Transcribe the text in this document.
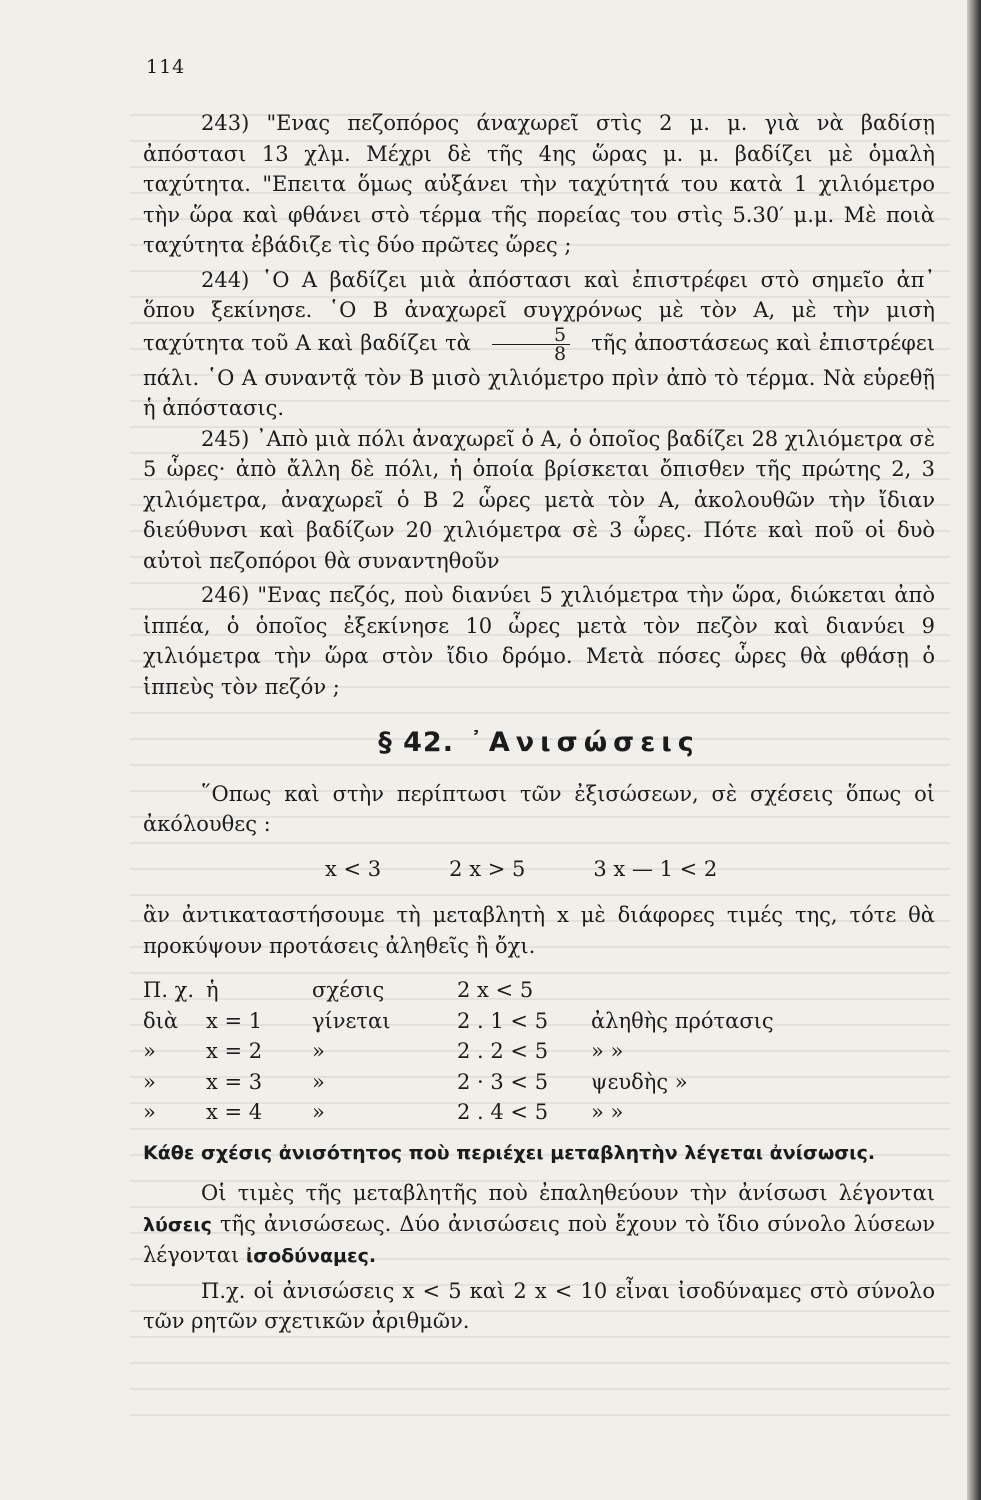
114

243) "Ενας πεζοπόρος άναχωρεῖ στὶς 2 μ. μ. γιὰ νὰ βαδίσῃ ἀπόστασι 13 χλμ. Μέχρι δὲ τῆς 4ης ὥρας μ. μ. βαδίζει μὲ ὁμαλὴ ταχύτητα. "Επειτα ὅμως αὐξάνει τὴν ταχύτητά του κατὰ 1 χιλιόμετρο τὴν ὥρα καὶ φθάνει στὸ τέρμα τῆς πορείας του στὶς 5.30′ μ.μ. Μὲ ποιὰ ταχύτητα ἐβάδιζε τὶς δύο πρῶτες ὥρες ;

244) ῾Ο Α βαδίζει μιὰ ἀπόστασι καὶ ἐπιστρέφει στὸ σημεῖο ἀπ᾽ ὅπου ξεκίνησε. ῾Ο Β ἀναχωρεῖ συγχρόνως μὲ τὸν Α, μὲ τὴν μισὴ ταχύτητα τοῦ Α καὶ βαδίζει τὰ $\frac{5}{8}$ τῆς ἀποστάσεως καὶ ἐπιστρέφει πάλι. ῾Ο Α συναντᾷ τὸν Β μισὸ χιλιόμετρο πρὶν ἀπὸ τὸ τέρμα. Νὰ εὑρεθῇ ἡ ἀπόστασις.

245) ᾿Απὸ μιὰ πόλι ἀναχωρεῖ ὁ Α, ὁ ὁποῖος βαδίζει 28 χιλιόμετρα σὲ 5 ὧρες· ἀπὸ ἄλλη δὲ πόλι, ἡ ὁποία βρίσκεται ὄπισθεν τῆς πρώτης 2, 3 χιλιόμετρα, ἀναχωρεῖ ὁ Β 2 ὧρες μετὰ τὸν Α, ἀκολουθῶν τὴν ἴδιαν διεύθυνσι καὶ βαδίζων 20 χιλιόμετρα σὲ 3 ὧρες. Πότε καὶ ποῦ οἱ δυὸ αὐτοὶ πεζοπόροι θὰ συναντηθοῦν

246) "Ενας πεζός, ποὺ διανύει 5 χιλιόμετρα τὴν ὥρα, διώκεται ἀπὸ ἱππέα, ὁ ὁποῖος ἐξεκίνησε 10 ὧρες μετὰ τὸν πεζὸν καὶ διανύει 9 χιλιόμετρα τὴν ὥρα στὸν ἴδιο δρόμο. Μετὰ πόσες ὧρες θὰ φθάσῃ ὁ ἱππεὺς τὸν πεζόν ;

§ 42. ᾿Ανισώσεις

῞Οπως καὶ στὴν περίπτωσι τῶν ἐξισώσεων, σὲ σχέσεις ὅπως οἱ ἀκόλουθες :

x < 3	2 x > 5	3 x — 1 < 2

ἂν ἀντικαταστήσουμε τὴ μεταβλητὴ x μὲ διάφορες τιμές της, τότε θὰ προκύψουν προτάσεις ἀληθεῖς ἢ ὄχι.

Π. χ.	ἡ	σχέσις	2 x < 5	
διὰ	x = 1	γίνεται	2 . 1 < 5	ἀληθὴς πρότασις
»	x = 2	»	2 . 2 < 5	» »
»	x = 3	»	2 · 3 < 5	ψευδὴς »
»	x = 4	»	2 . 4 < 5	» »

Κάθε σχέσις ἀνισότητος ποὺ περιέχει μεταβλητὴν λέγεται ἀνίσωσις.

Οἱ τιμὲς τῆς μεταβλητῆς ποὺ ἐπαληθεύουν τὴν ἀνίσωσι λέγονται λύσεις τῆς ἀνισώσεως. Δύο ἀνισώσεις ποὺ ἔχουν τὸ ἴδιο σύνολο λύσεων λέγονται ἰσοδύναμες.

Π.χ. οἱ ἀνισώσεις x < 5 καὶ 2 x < 10 εἶναι ἰσοδύναμες στὸ σύνολο τῶν ρητῶν σχετικῶν ἀριθμῶν.
